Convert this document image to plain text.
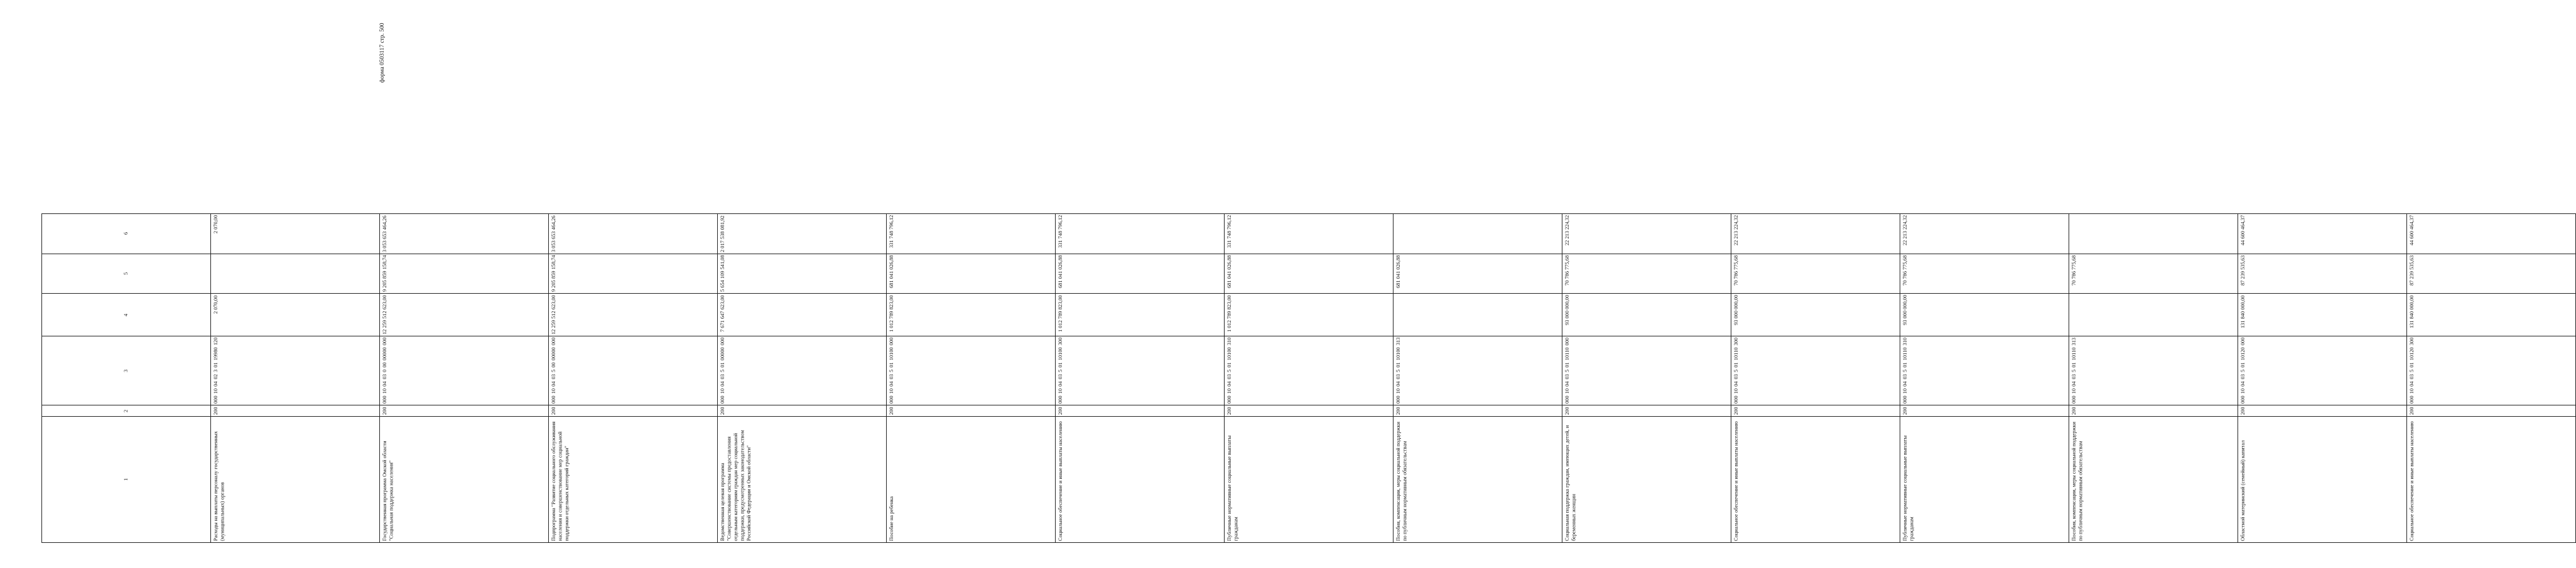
форма 0503117 стр. 500
1	2	3	4	5	6
Расходы на выплаты персоналу государственных (муниципальных) органов	200	000 10 04 02 3 01 19980 120	2 070,00		2 070,00
Государственная программа Омской области "Социальная поддержка населения"	200	000 10 04 03 0 00 00000 000	12 259 512 623,00	9 205 859 158,74	3 053 653 464,26
Подпрограмма "Развитие социального обслуживания населения и совершенствование мер социальной поддержки отдельных категорий граждан"	200	000 10 04 03 5 00 00000 000	12 259 512 623,00	9 205 859 158,74	3 053 653 464,26
Ведомственная целевая программа "Совершенствование системы предоставления отдельным категориям граждан мер социальной поддержки, предусмотренных законодательством Российской Федерации и Омской области"	200	000 10 04 03 5 01 00000 000	7 671 647 623,00	5 654 109 541,08	2 017 538 081,92
Пособие на ребенка	200	000 10 04 03 5 01 10100 000	1 012 789 823,00	681 041 026,88	331 748 796,12
Социальное обеспечение и иные выплаты населению	200	000 10 04 03 5 01 10100 300	1 012 789 823,00	681 041 026,88	331 748 796,12
Публичные нормативные социальные выплаты гражданам	200	000 10 04 03 5 01 10100 310	1 012 789 823,00	681 041 026,88	331 748 796,12
Пособия, компенсации, меры социальной поддержки по публичным нормативным обязательствам	200	000 10 04 03 5 01 10100 313		681 041 026,88	
Социальная поддержка граждан, имеющих детей, и беременных женщин	200	000 10 04 03 5 01 10110 000	93 000 000,00	70 786 775,68	22 213 224,32
Социальное обеспечение и иные выплаты населению	200	000 10 04 03 5 01 10110 300	93 000 000,00	70 786 775,68	22 213 224,32
Публичные нормативные социальные выплаты гражданам	200	000 10 04 03 5 01 10110 310	93 000 000,00	70 786 775,68	22 213 224,32
Пособия, компенсации, меры социальной поддержки по публичным нормативным обязательствам	200	000 10 04 03 5 01 10110 313		70 786 775,68	
Областной материнский (семейный) капитал	200	000 10 04 03 5 01 10120 000	131 840 000,00	87 239 535,63	44 600 464,37
Социальное обеспечение и иные выплаты населению	200	000 10 04 03 5 01 10120 300	131 840 000,00	87 239 535,63	44 600 464,37
